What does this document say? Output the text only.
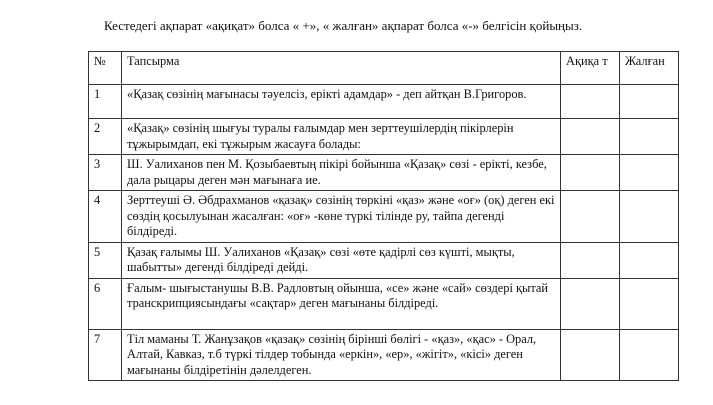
Кестедегі ақпарат «ақиқат» болса « +», « жалған» ақпарат болса «-» белгісін қойыңыз.
№	Тапсырма	Ақиқа т	Жалған
1	«Қазақ сөзінің мағынасы тәуелсіз, ерікті адамдар» - деп айтқан В.Григоров.		

2	«Қазақ» сөзінің шығуы туралы ғалымдар мен зерттеушілердің пікірлерін тұжырымдап, екі тұжырым жасауға болады:		

3	Ш. Уалиханов пен М. Қозыбаевтың пікірі бойынша «Қазақ» сөзі - ерікті, кезбе, дала рыцары деген мән мағынаға ие.		

4	Зерттеуші Ә. Әбдрахманов «қазақ» сөзінің төркіні «қаз» және «оғ» (оқ) деген екі сөздің қосылуынан жасалған: «оғ» -көне түркі тілінде ру, тайпа дегенді білдіреді.		

5	Қазақ ғалымы Ш. Уалиханов «Қазақ» сөзі «өте қадірлі сөз күшті, мықты, шабытты» дегенді білдіреді дейді.		

6	Ғалым- шығыстанушы В.В. Радловтың ойынша, «се» және «сай» сөздері қытай транскрипциясындағы «сақтар» деген мағынаны білдіреді.		

7	Тіл маманы Т. Жанұзақов «қазақ» сөзінің бірінші бөлігі - «қаз», «қас» - Орал, Алтай, Кавказ, т.б түркі тілдер тобында «еркін», «ер», «жігіт», «кісі» деген мағынаны білдіретінін дәлелдеген.		
